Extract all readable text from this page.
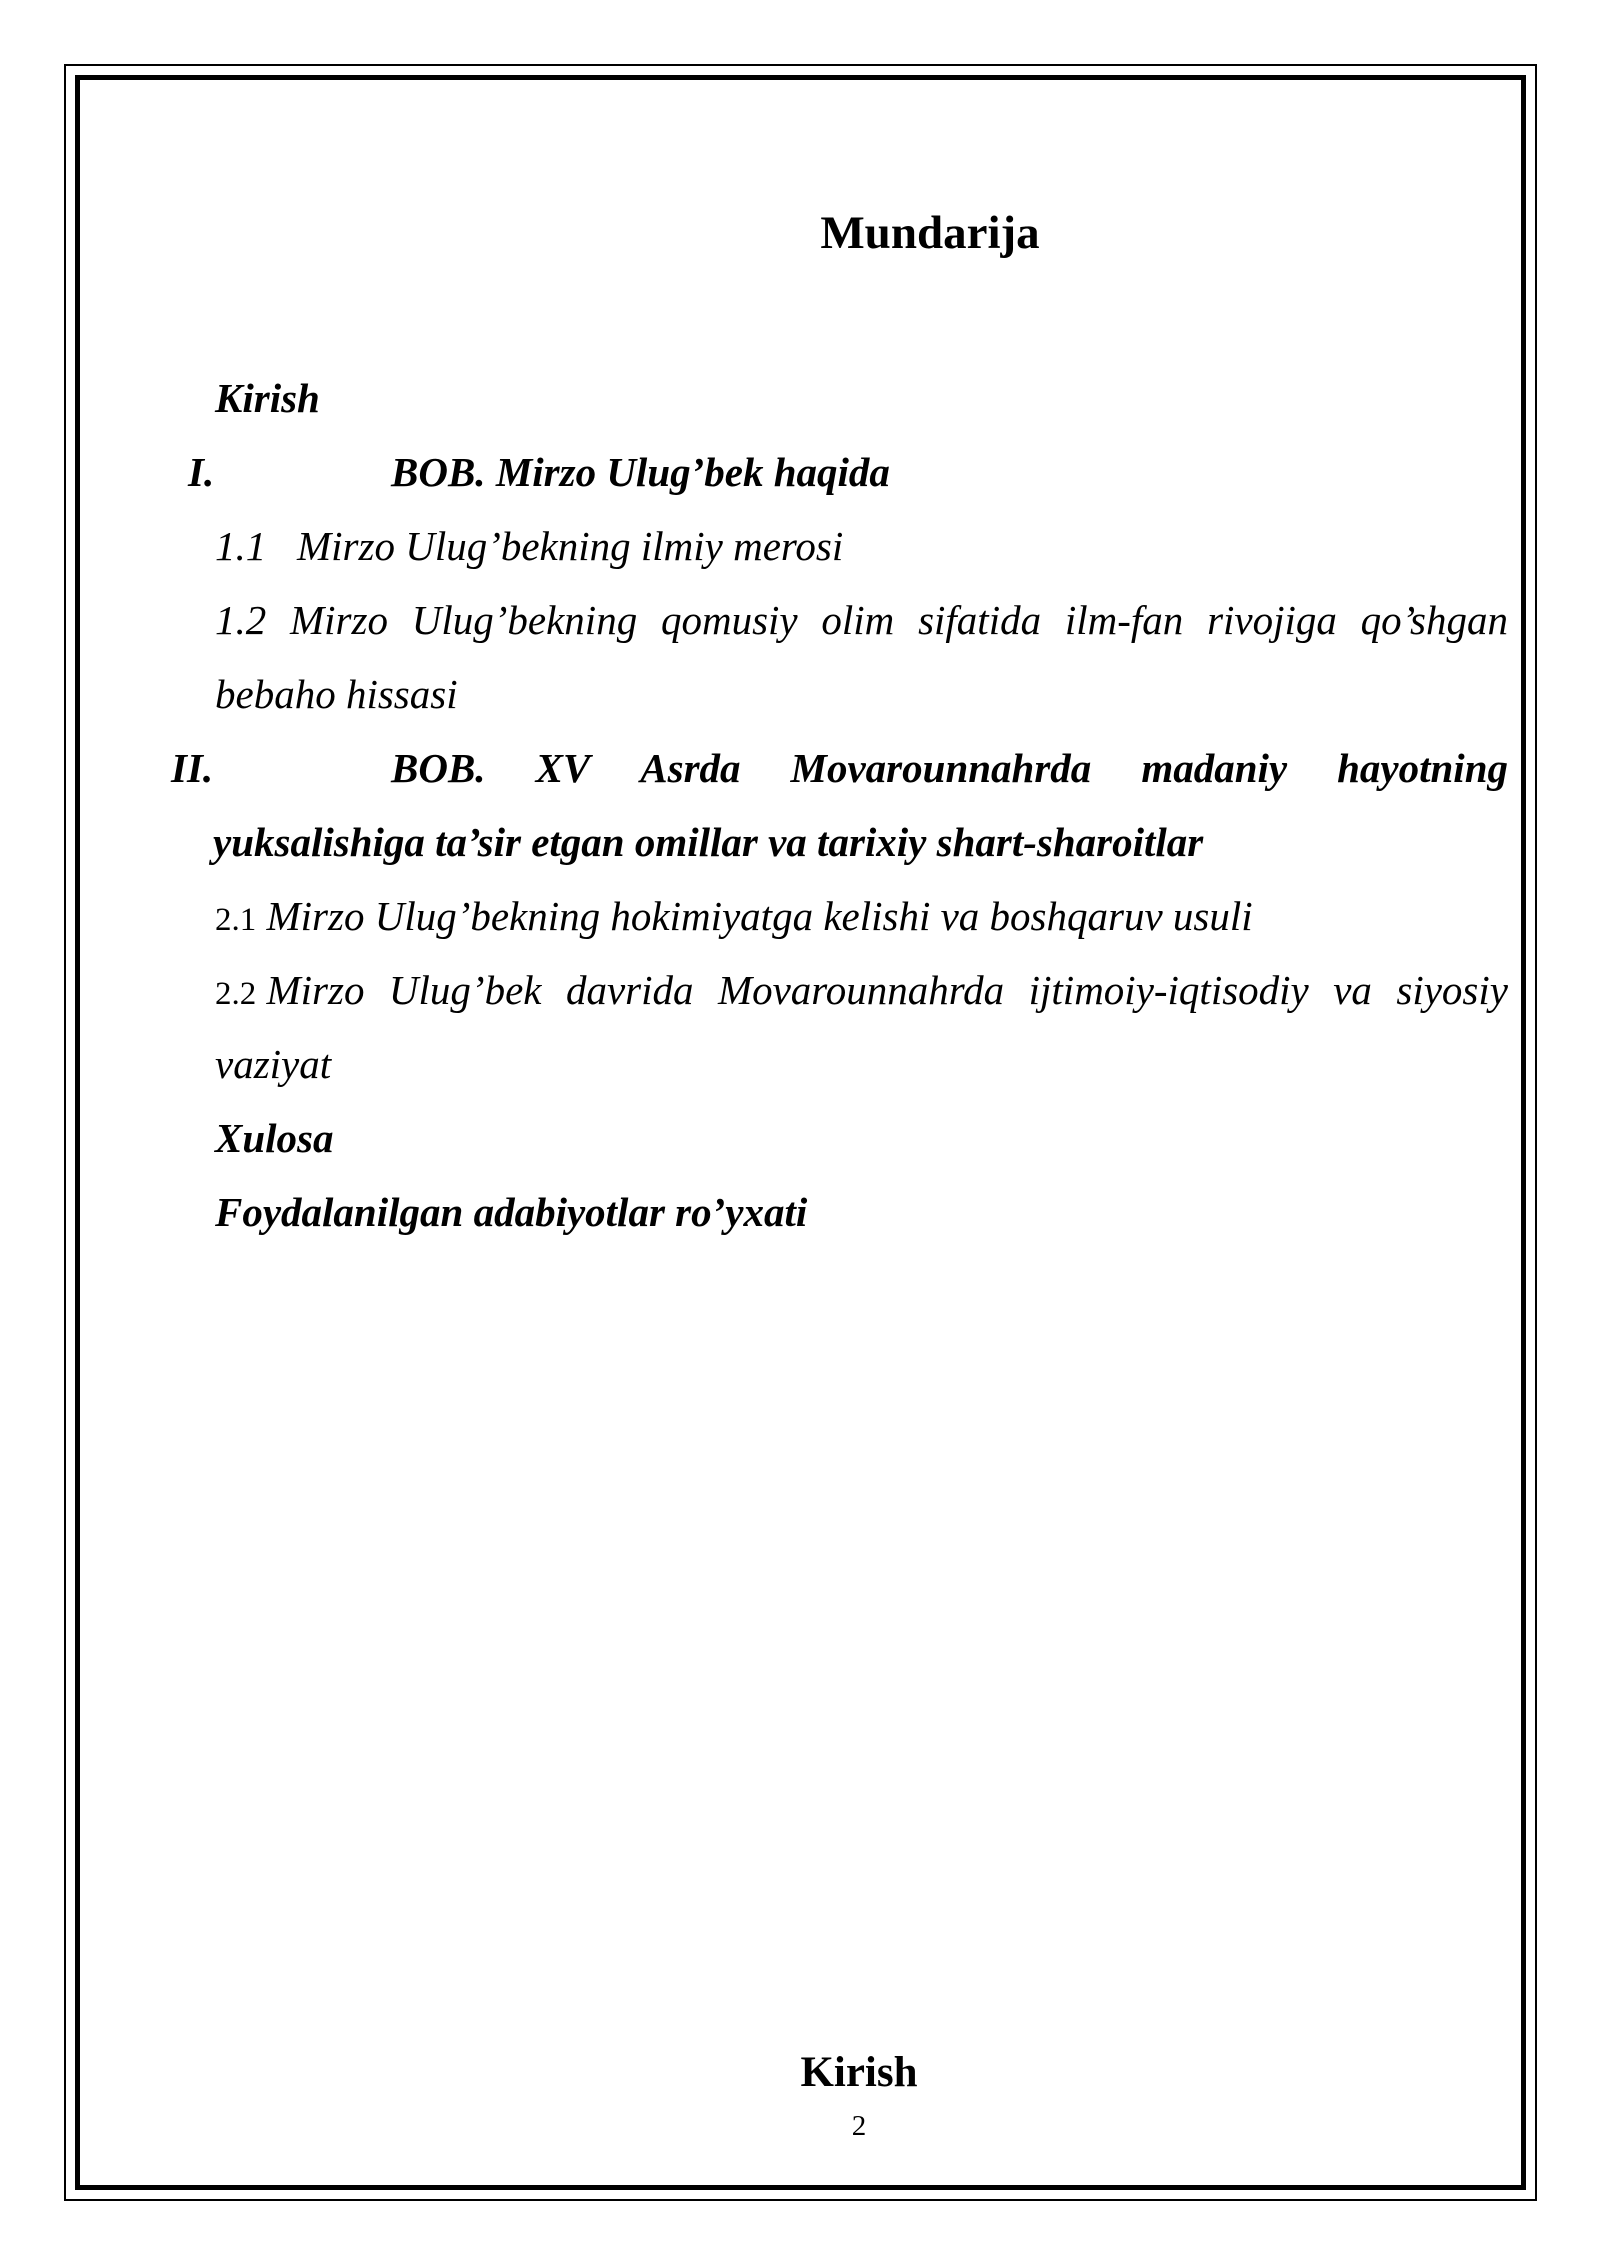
Mundarija
Kirish
I.	BOB. Mirzo Ulug’bek haqida
1.1 Mirzo Ulug’bekning ilmiy merosi
1.2 Mirzo Ulug’bekning qomusiy olim sifatida ilm-fan rivojiga qo’shgan
bebaho hissasi
II.	BOB. XV Asrda Movarounnahrda madaniy hayotning
yuksalishiga ta’sir etgan omillar va tarixiy shart-sharoitlar
2.1 Mirzo Ulug’bekning hokimiyatga kelishi va boshqaruv usuli
2.2 Mirzo Ulug’bek davrida Movarounnahrda ijtimoiy-iqtisodiy va siyosiy
vaziyat
Xulosa
Foydalanilgan adabiyotlar ro’yxati
Kirish
2
